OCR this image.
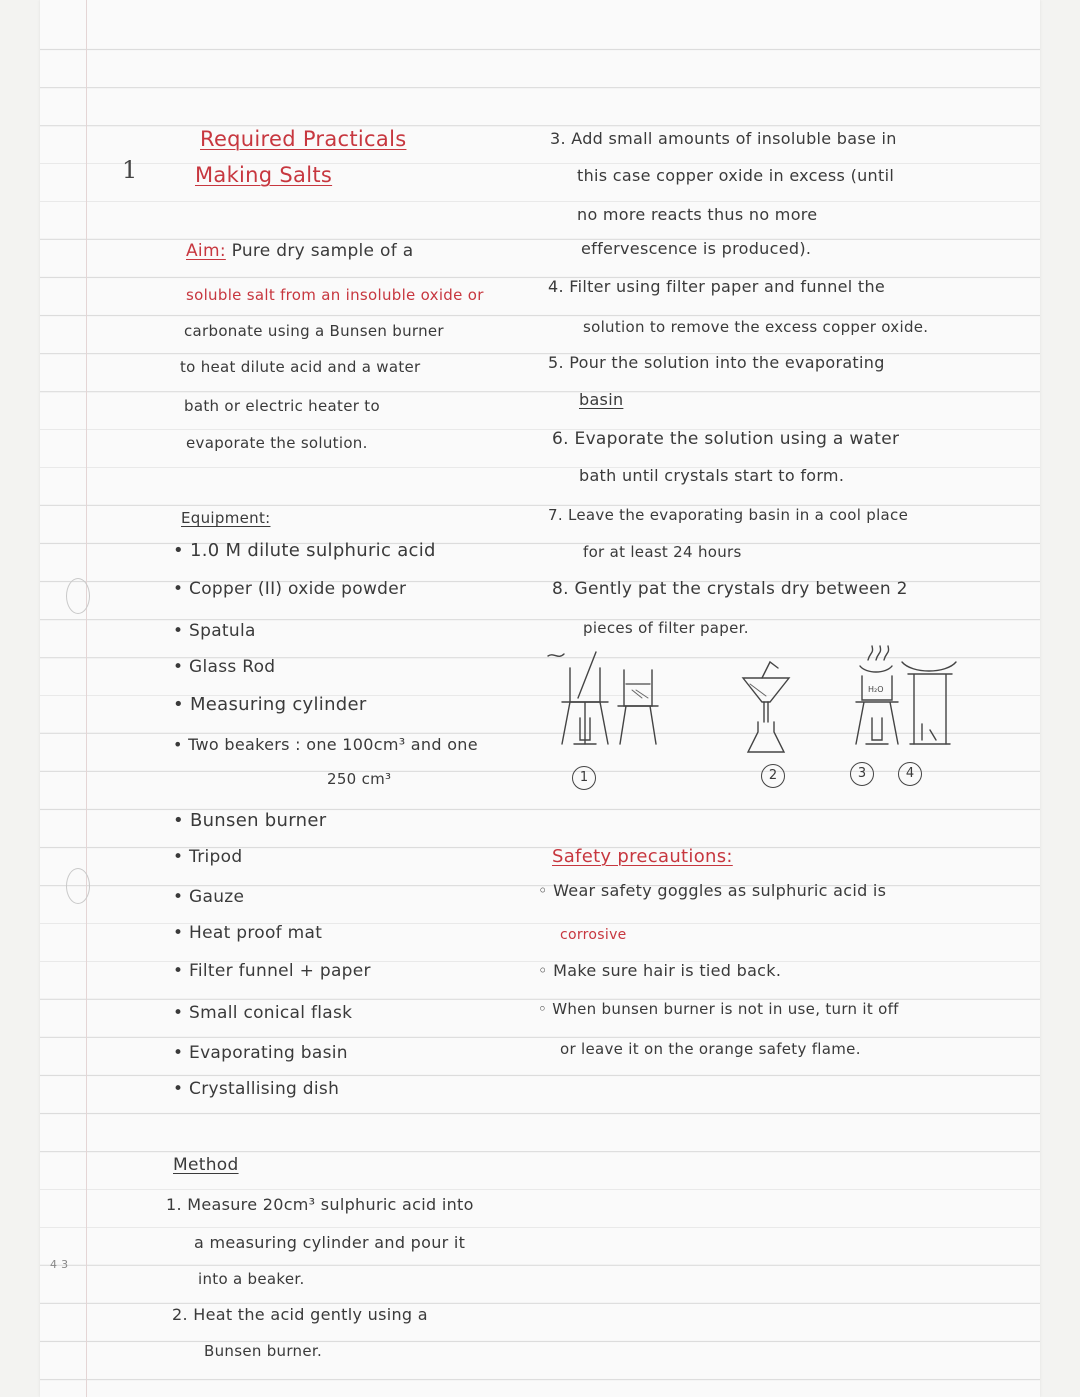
1
4 3
Required Practicals
Making Salts
Aim: Pure dry sample of a
soluble salt from an insoluble oxide or
carbonate using a Bunsen burner
to heat dilute acid and a water
bath or electric heater to
evaporate the solution.
Equipment:
• 1.0 M dilute sulphuric acid
• Copper (II) oxide powder
• Spatula
• Glass Rod
• Measuring cylinder
• Two beakers : one 100cm³ and one
250 cm³
• Bunsen burner
• Tripod
• Gauze
• Heat proof mat
• Filter funnel + paper
• Small conical flask
• Evaporating basin
• Crystallising dish
Method
1. Measure 20cm³ sulphuric acid into
a measuring cylinder and pour it
into a beaker.
2. Heat the acid gently using a
Bunsen burner.
3. Add small amounts of insoluble base in
this case copper oxide in excess (until
no more reacts thus no more
effervescence is produced).
4. Filter using filter paper and funnel the
solution to remove the excess copper oxide.
5. Pour the solution into the evaporating
basin
6. Evaporate the solution using a water
bath until crystals start to form.
7. Leave the evaporating basin in a cool place
for at least 24 hours
8. Gently pat the crystals dry between 2
pieces of filter paper.
H₂O
1	2	3	4
Safety precautions:
◦ Wear safety goggles as sulphuric acid is
corrosive
◦ Make sure hair is tied back.
◦ When bunsen burner is not in use, turn it off
or leave it on the orange safety flame.
